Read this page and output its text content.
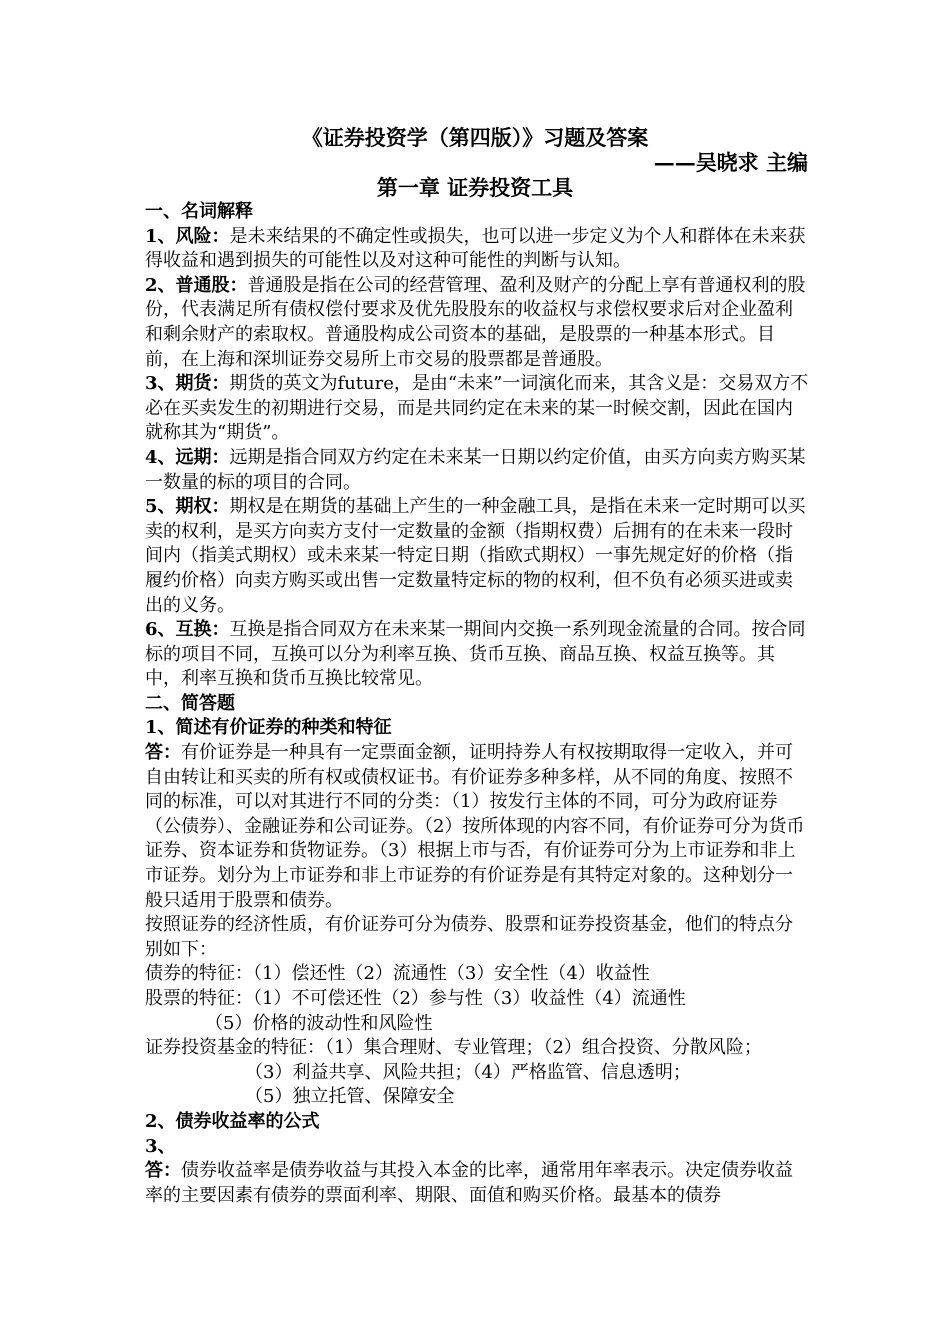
《证券投资学（第四版）》习题及答案
——吴晓求 主编
第一章 证券投资工具

一、名词解释

1、风险：是未来结果的不确定性或损失，也可以进一步定义为个人和群体在未来获得收益和遇到损失的可能性以及对这种可能性的判断与认知。

2、普通股：普通股是指在公司的经营管理、盈利及财产的分配上享有普通权利的股份，代表满足所有债权偿付要求及优先股股东的收益权与求偿权要求后对企业盈利和剩余财产的索取权。普通股构成公司资本的基础，是股票的一种基本形式。目前，在上海和深圳证券交易所上市交易的股票都是普通股。

3、期货：期货的英文为future，是由“未来”一词演化而来，其含义是：交易双方不必在买卖发生的初期进行交易，而是共同约定在未来的某一时候交割，因此在国内就称其为“期货”。

4、远期：远期是指合同双方约定在未来某一日期以约定价值，由买方向卖方购买某一数量的标的项目的合同。

5、期权：期权是在期货的基础上产生的一种金融工具，是指在未来一定时期可以买卖的权利，是买方向卖方支付一定数量的金额（指期权费）后拥有的在未来一段时间内（指美式期权）或未来某一特定日期（指欧式期权）一事先规定好的价格（指履约价格）向卖方购买或出售一定数量特定标的物的权利，但不负有必须买进或卖出的义务。

6、互换：互换是指合同双方在未来某一期间内交换一系列现金流量的合同。按合同标的项目不同，互换可以分为利率互换、货币互换、商品互换、权益互换等。其中，利率互换和货币互换比较常见。

二、简答题

1、简述有价证券的种类和特征

答：有价证券是一种具有一定票面金额，证明持券人有权按期取得一定收入，并可自由转让和买卖的所有权或债权证书。有价证券多种多样，从不同的角度、按照不同的标准，可以对其进行不同的分类：（1）按发行主体的不同，可分为政府证券（公债券）、金融证券和公司证券。（2）按所体现的内容不同，有价证券可分为货币证券、资本证券和货物证券。（3）根据上市与否，有价证券可分为上市证券和非上市证券。划分为上市证券和非上市证券的有价证券是有其特定对象的。这种划分一般只适用于股票和债券。

按照证券的经济性质，有价证券可分为债券、股票和证券投资基金，他们的特点分别如下：

债券的特征：（1）偿还性（2）流通性（3）安全性（4）收益性

股票的特征：（1）不可偿还性（2）参与性（3）收益性（4）流通性

（5）价格的波动性和风险性

证券投资基金的特征：（1）集合理财、专业管理；（2）组合投资、分散风险；

（3）利益共享、风险共担；（4）严格监管、信息透明；

（5）独立托管、保障安全

2、债券收益率的公式

3、

答：债券收益率是债券收益与其投入本金的比率，通常用年率表示。决定债券收益率的主要因素有债券的票面利率、期限、面值和购买价格。最基本的债券
